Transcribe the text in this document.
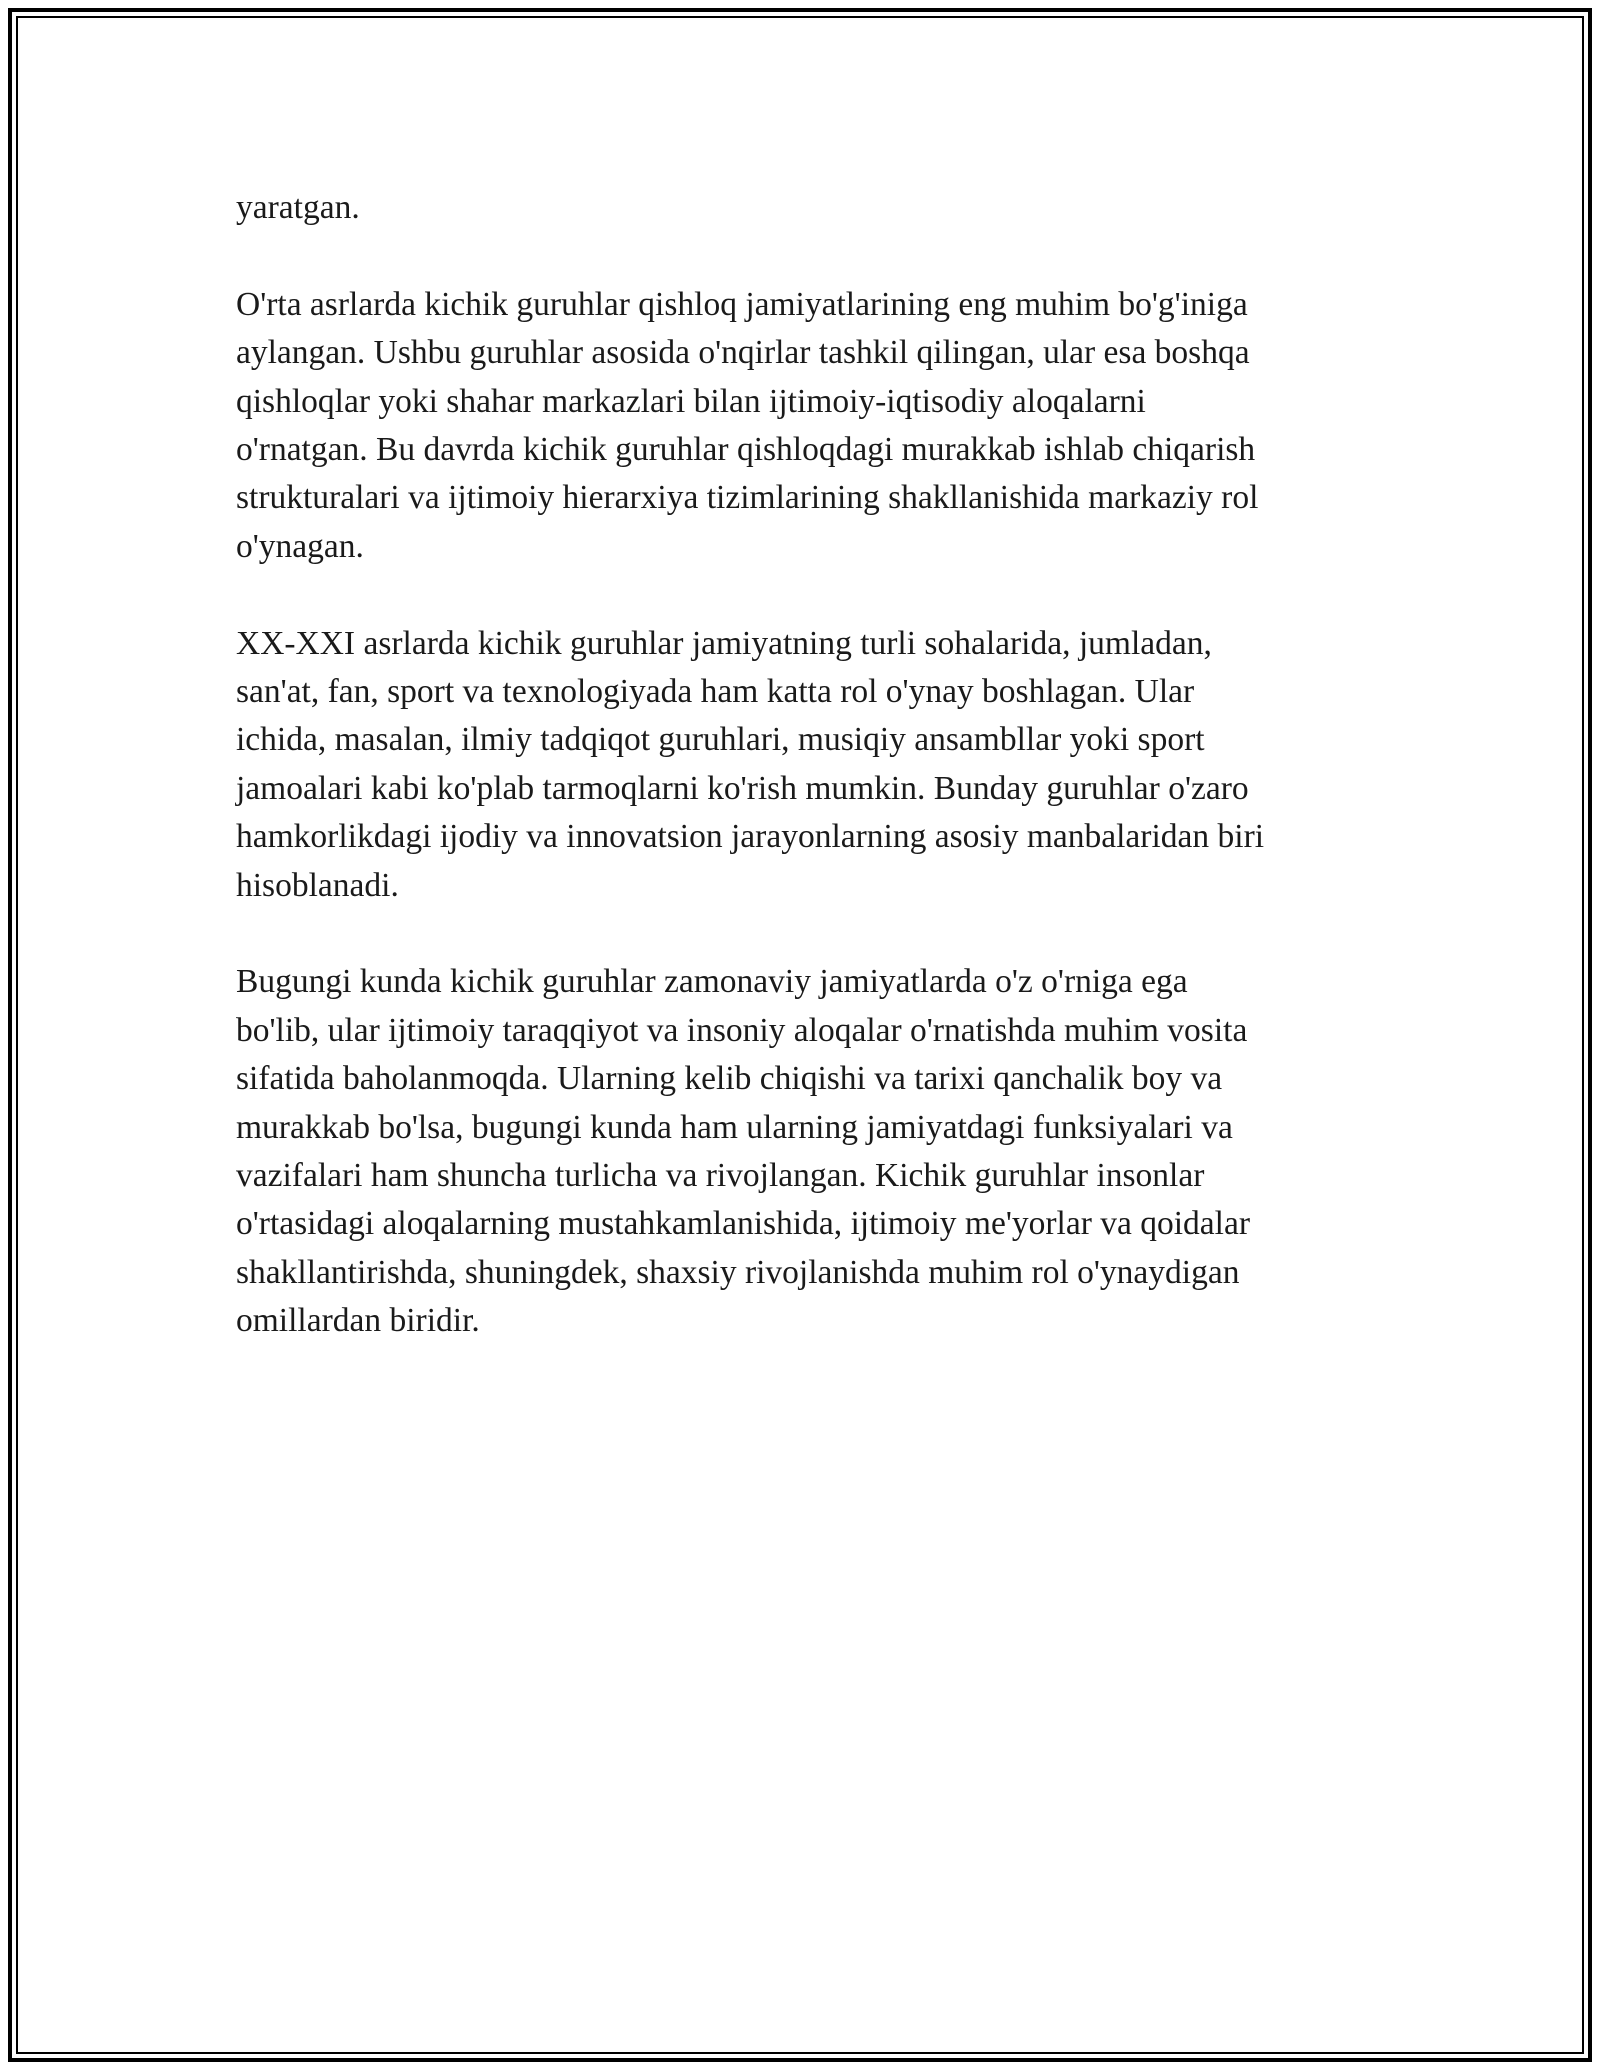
yaratgan.

O'rta asrlarda kichik guruhlar qishloq jamiyatlarining eng muhim bo'g'iniga
aylangan. Ushbu guruhlar asosida o'nqirlar tashkil qilingan, ular esa boshqa
qishloqlar yoki shahar markazlari bilan ijtimoiy-iqtisodiy aloqalarni
o'rnatgan. Bu davrda kichik guruhlar qishloqdagi murakkab ishlab chiqarish
strukturalari va ijtimoiy hierarxiya tizimlarining shakllanishida markaziy rol
o'ynagan.

XX-XXI asrlarda kichik guruhlar jamiyatning turli sohalarida, jumladan,
san'at, fan, sport va texnologiyada ham katta rol o'ynay boshlagan. Ular
ichida, masalan, ilmiy tadqiqot guruhlari, musiqiy ansambllar yoki sport
jamoalari kabi ko'plab tarmoqlarni ko'rish mumkin. Bunday guruhlar o'zaro
hamkorlikdagi ijodiy va innovatsion jarayonlarning asosiy manbalaridan biri
hisoblanadi.

Bugungi kunda kichik guruhlar zamonaviy jamiyatlarda o'z o'rniga ega
bo'lib, ular ijtimoiy taraqqiyot va insoniy aloqalar o'rnatishda muhim vosita
sifatida baholanmoqda. Ularning kelib chiqishi va tarixi qanchalik boy va
murakkab bo'lsa, bugungi kunda ham ularning jamiyatdagi funksiyalari va
vazifalari ham shuncha turlicha va rivojlangan. Kichik guruhlar insonlar
o'rtasidagi aloqalarning mustahkamlanishida, ijtimoiy me'yorlar va qoidalar
shakllantirishda, shuningdek, shaxsiy rivojlanishda muhim rol o'ynaydigan
omillardan biridir.
